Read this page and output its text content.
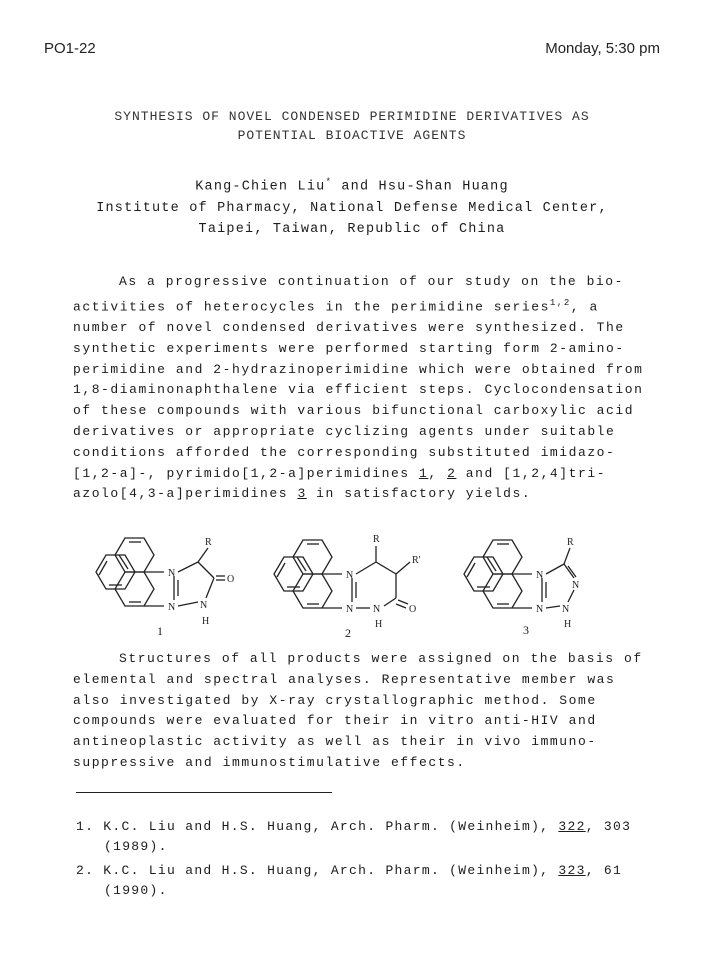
PO1-22	Monday, 5:30 pm
SYNTHESIS OF NOVEL CONDENSED PERIMIDINE DERIVATIVES AS
POTENTIAL BIOACTIVE AGENTS
Kang-Chien Liu* and Hsu-Shan Huang
Institute of Pharmacy, National Defense Medical Center,
Taipei, Taiwan, Republic of China
As a progressive continuation of our study on the bio-
activities of heterocycles in the perimidine series$^{1,2}$, a
number of novel condensed derivatives were synthesized. The
synthetic experiments were performed starting form 2-amino-
perimidine and 2-hydrazinoperimidine which were obtained from
1,8-diaminonaphthalene via efficient steps. Cyclocondensation
of these compounds with various bifunctional carboxylic acid
derivatives or appropriate cyclizing agents under suitable
conditions afforded the corresponding substituted imidazo-
[1,2-a]-, pyrimido[1,2-a]perimidines 1, 2 and [1,2,4]tri-
azolo[4,3-a]perimidines 3 in satisfactory yields.
R
N
N N
H
O
R
R'
N
N N
H
O
R
N
N
N
N
H
1	2	3
Structures of all products were assigned on the basis of
elemental and spectral analyses. Representative member was
also investigated by X-ray crystallographic method. Some
compounds were evaluated for their in vitro anti-HIV and
antineoplastic activity as well as their in vivo immuno-
suppressive and immunostimulative effects.
1. K.C. Liu and H.S. Huang, Arch. Pharm. (Weinheim), 322, 303
(1989).
2. K.C. Liu and H.S. Huang, Arch. Pharm. (Weinheim), 323, 61
(1990).
